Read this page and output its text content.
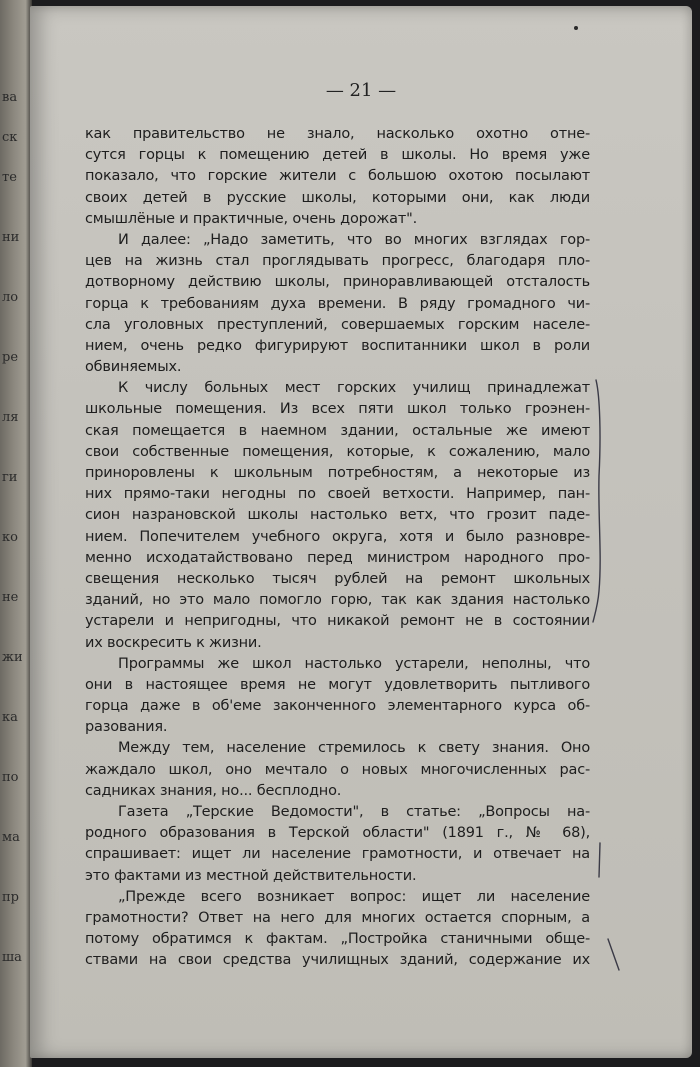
ва
ск
те
ни
ло
ре
ля
ги
ко
не
жи
ка
по
ма
пр
ша
— 21 —
как правительство не знало, насколько охотно отне-
сутся горцы к помещению детей в школы. Но время уже
показало, что горские жители с большою охотою посылают
своих детей в русские школы, которыми они, как люди
смышлёные и практичные, очень дорожат".
И далее: „Надо заметить, что во многих взглядах гор-
цев на жизнь стал проглядывать прогресс, благодаря пло-
дотворному действию школы, приноравливающей отсталость
горца к требованиям духа времени. В ряду громадного чи-
сла уголовных преступлений, совершаемых горским населе-
нием, очень редко фигурируют воспитанники школ в роли
обвиняемых.
К числу больных мест горских училищ принадлежат
школьные помещения. Из всех пяти школ только гроэнен-
ская помещается в наемном здании, остальные же имеют
свои собственные помещения, которые, к сожалению, мало
приноровлены к школьным потребностям, а некоторые из
них прямо-таки негодны по своей ветхости. Например, пан-
сион назрановской школы настолько ветх, что грозит паде-
нием. Попечителем учебного округа, хотя и было разновре-
менно исходатайствовано перед министром народного про-
свещения несколько тысяч рублей на ремонт школьных
зданий, но это мало помогло горю, так как здания настолько
устарели и непригодны, что никакой ремонт не в состоянии
их воскресить к жизни.
Программы же школ настолько устарели, неполны, что
они в настоящее время не могут удовлетворить пытливого
горца даже в об'еме законченного элементарного курса об-
разования.
Между тем, население стремилось к свету знания. Оно
жаждало школ, оно мечтало о новых многочисленных рас-
садниках знания, но... бесплодно.
Газета „Терские Ведомости", в статье: „Вопросы на-
родного образования в Терской области" (1891 г., № 68),
спрашивает: ищет ли население грамотности, и отвечает на
это фактами из местной действительности.
„Прежде всего возникает вопрос: ищет ли население
грамотности? Ответ на него для многих остается спорным, а
потому обратимся к фактам. „Постройка станичными обще-
ствами на свои средства училищных зданий, содержание их
